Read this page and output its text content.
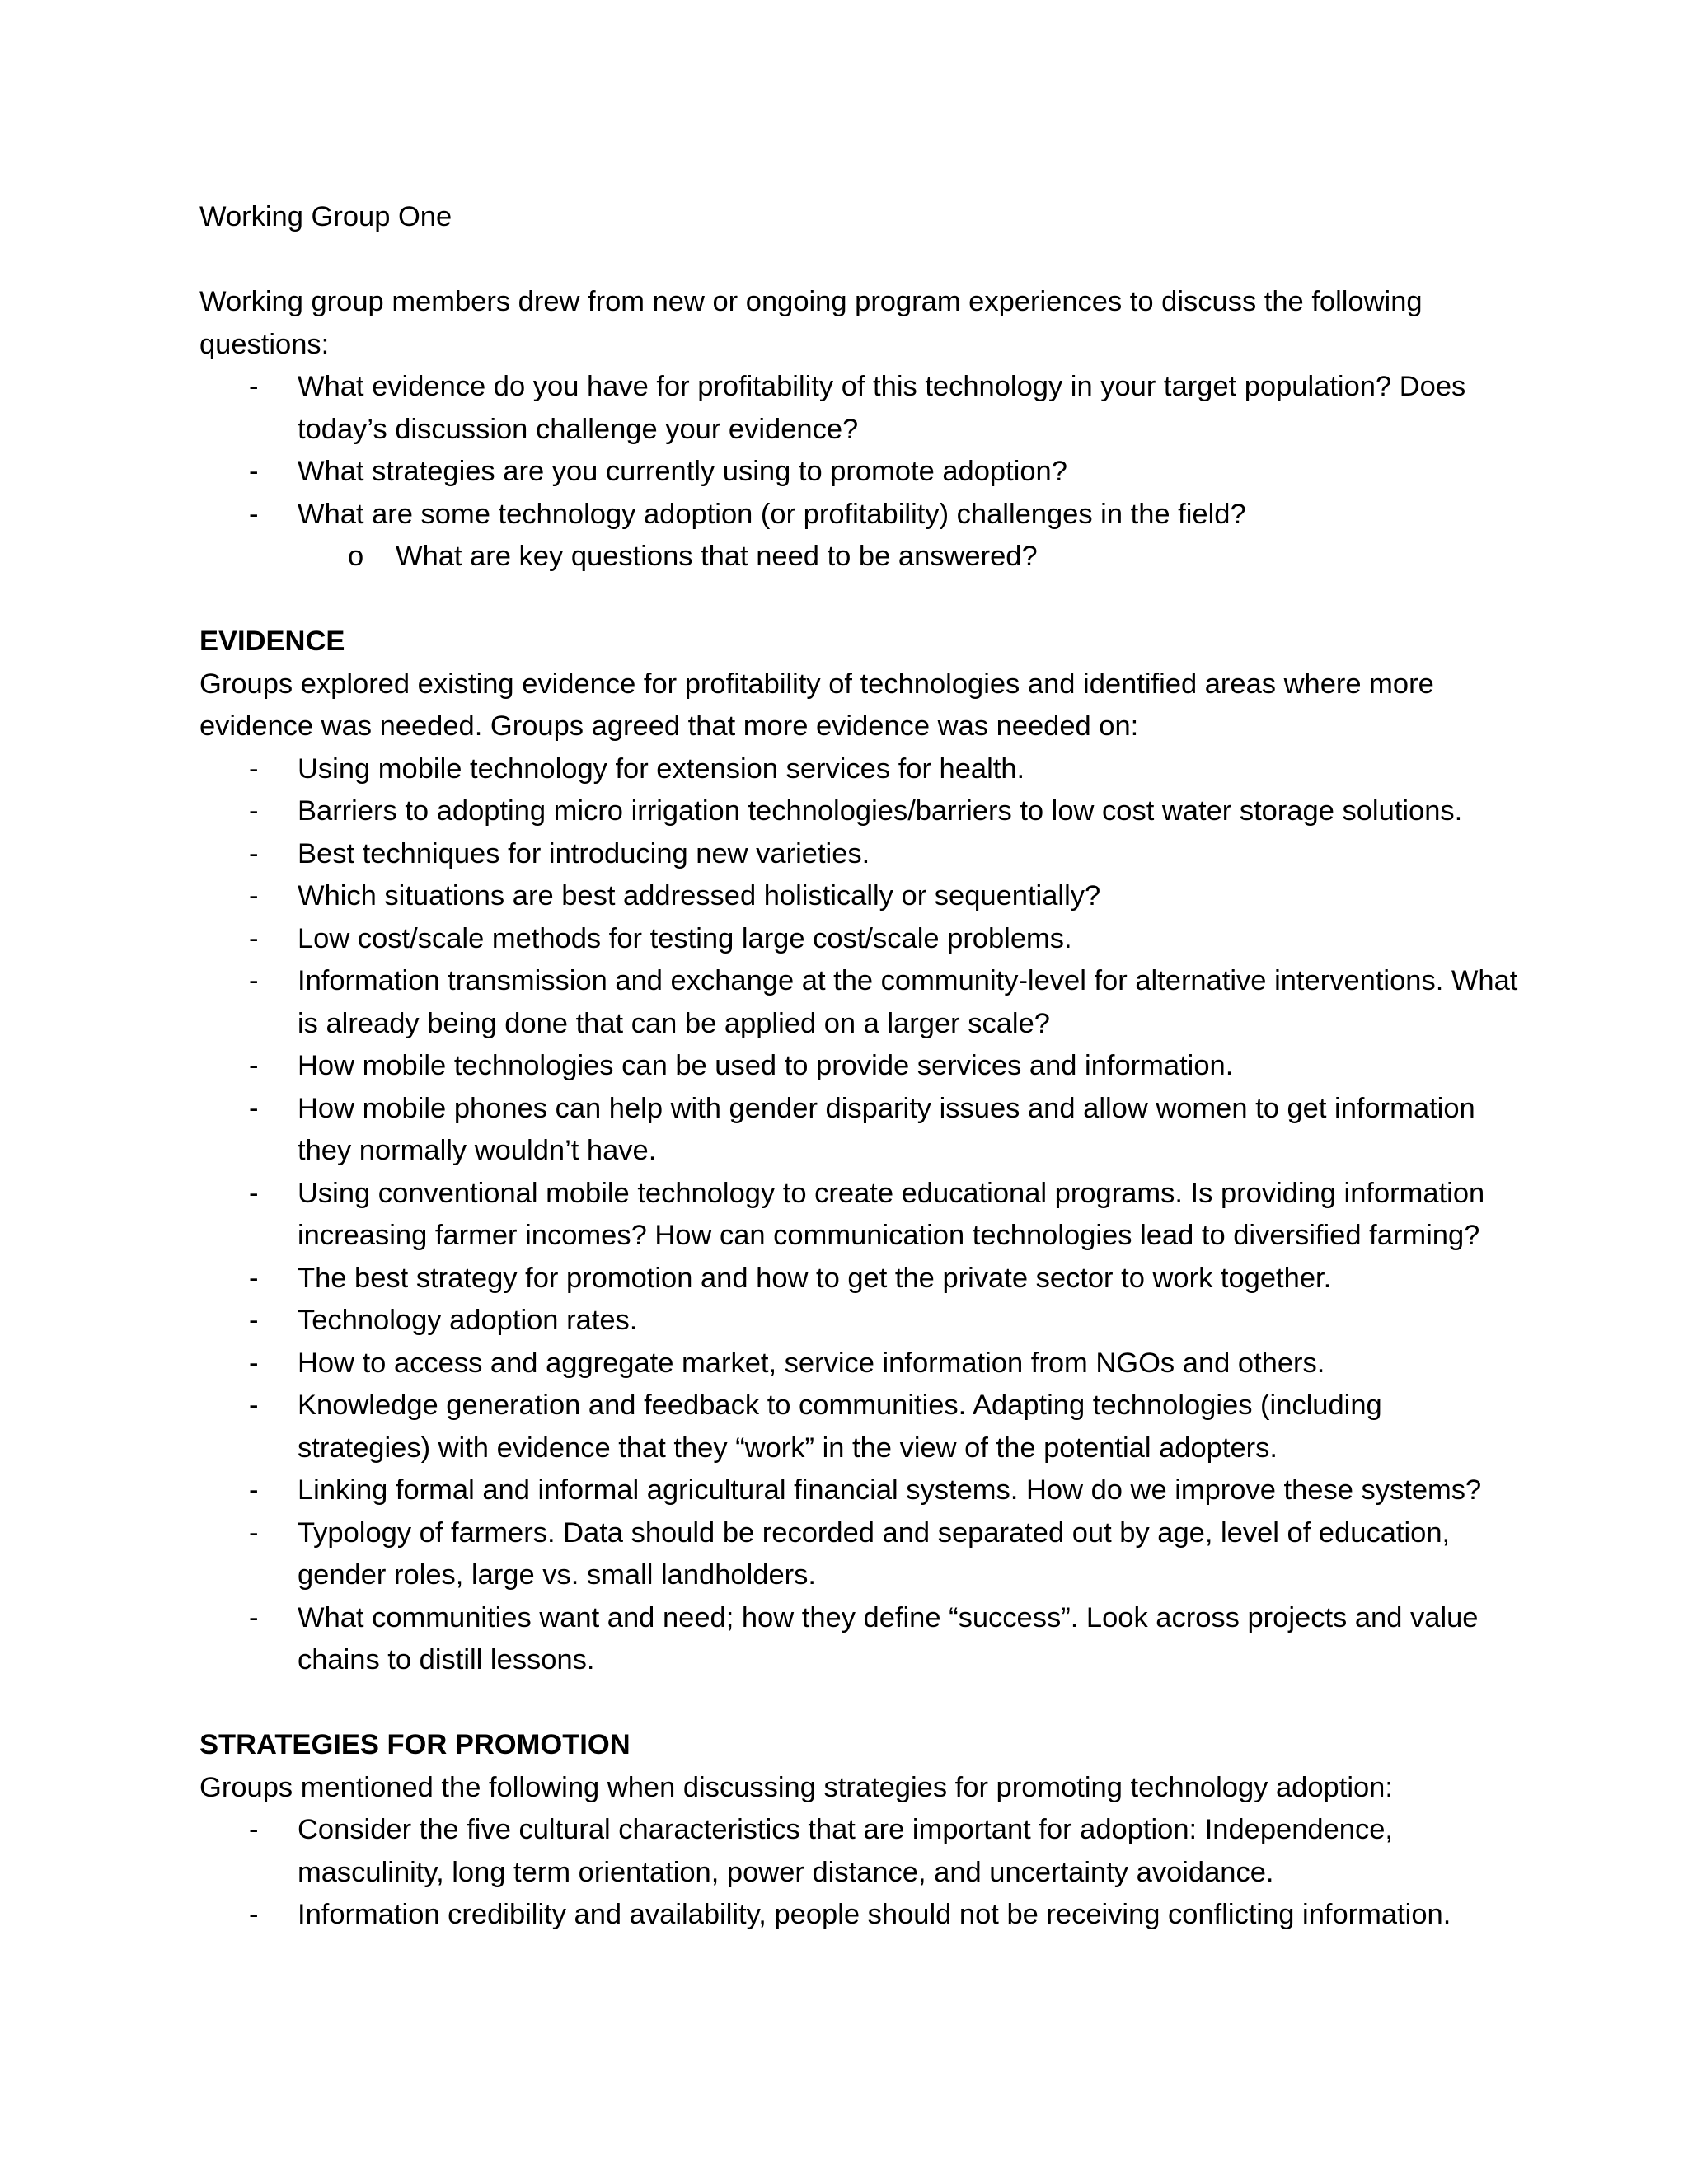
Working Group One

Working group members drew from new or ongoing program experiences to discuss the following questions:

- What evidence do you have for profitability of this technology in your target population? Does today’s discussion challenge your evidence?
- What strategies are you currently using to promote adoption?
- What are some technology adoption (or profitability) challenges in the field?
o What are key questions that need to be answered?

EVIDENCE

Groups explored existing evidence for profitability of technologies and identified areas where more evidence was needed. Groups agreed that more evidence was needed on:

- Using mobile technology for extension services for health.
- Barriers to adopting micro irrigation technologies/barriers to low cost water storage solutions.
- Best techniques for introducing new varieties.
- Which situations are best addressed holistically or sequentially?
- Low cost/scale methods for testing large cost/scale problems.
- Information transmission and exchange at the community-level for alternative interventions. What is already being done that can be applied on a larger scale?
- How mobile technologies can be used to provide services and information.
- How mobile phones can help with gender disparity issues and allow women to get information they normally wouldn’t have.
- Using conventional mobile technology to create educational programs. Is providing information increasing farmer incomes? How can communication technologies lead to diversified farming?
- The best strategy for promotion and how to get the private sector to work together.
- Technology adoption rates.
- How to access and aggregate market, service information from NGOs and others.
- Knowledge generation and feedback to communities. Adapting technologies (including strategies) with evidence that they “work” in the view of the potential adopters.
- Linking formal and informal agricultural financial systems. How do we improve these systems?
- Typology of farmers. Data should be recorded and separated out by age, level of education, gender roles, large vs. small landholders.
- What communities want and need; how they define “success”. Look across projects and value chains to distill lessons.

STRATEGIES FOR PROMOTION

Groups mentioned the following when discussing strategies for promoting technology adoption:

- Consider the five cultural characteristics that are important for adoption: Independence, masculinity, long term orientation, power distance, and uncertainty avoidance.
- Information credibility and availability, people should not be receiving conflicting information.
